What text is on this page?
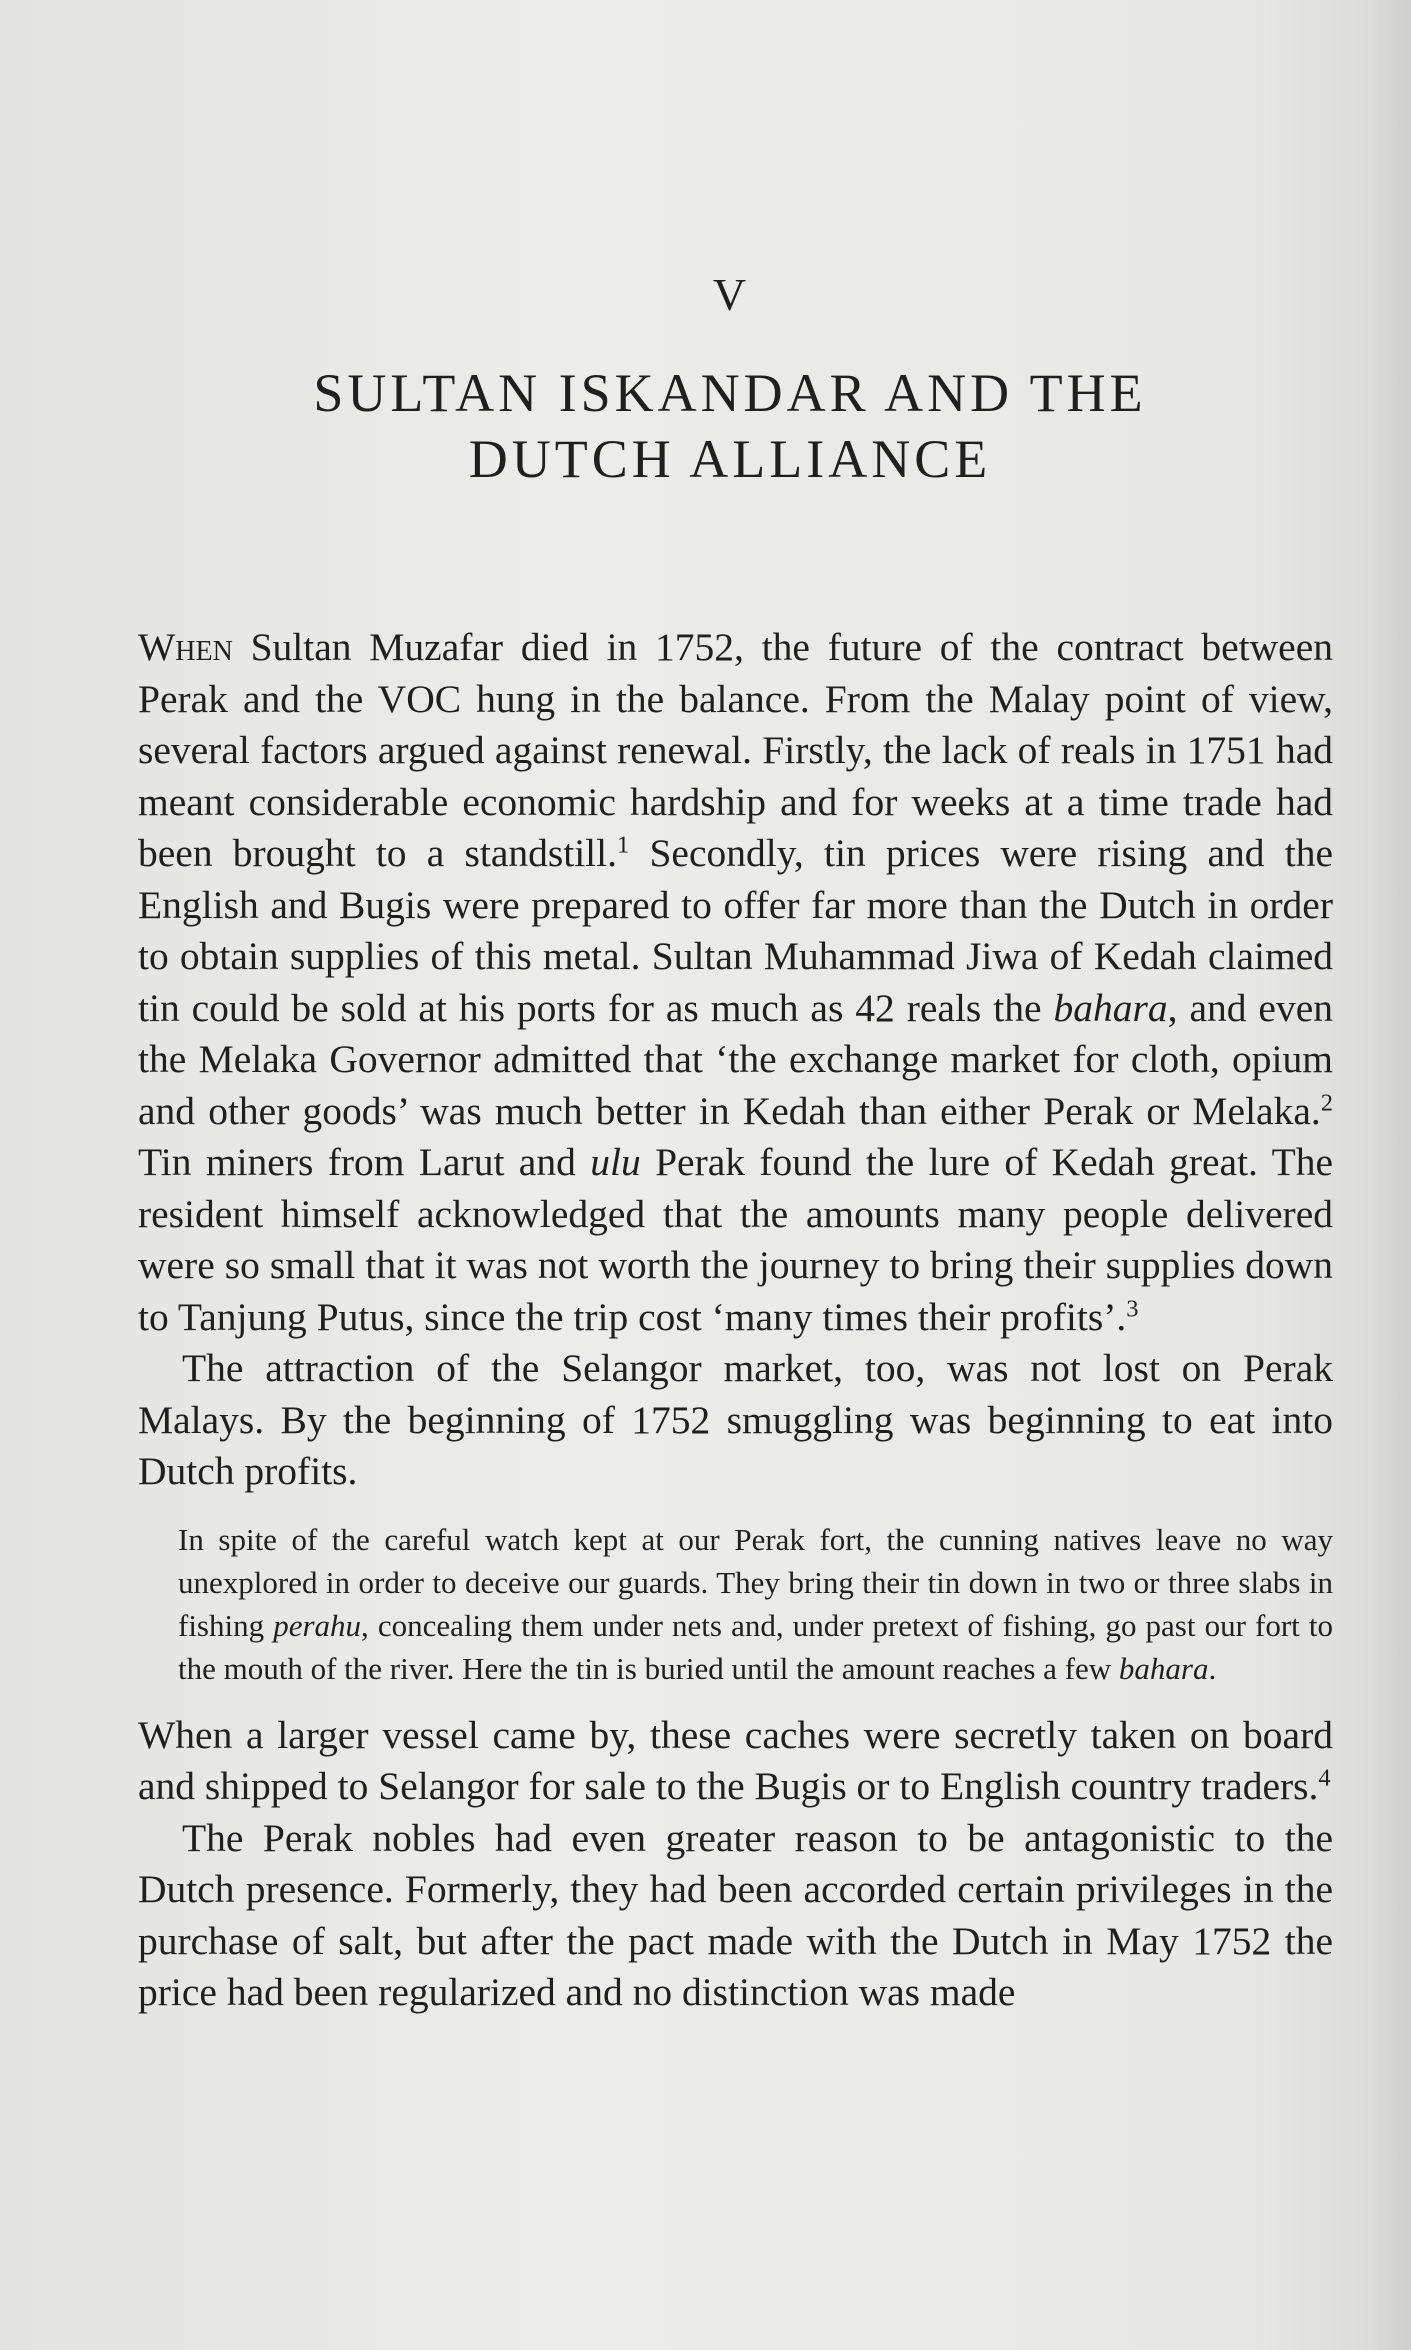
V
SULTAN ISKANDAR AND THE
DUTCH ALLIANCE

When Sultan Muzafar died in 1752, the future of the contract between Perak and the VOC hung in the balance. From the Malay point of view, several factors argued against renewal. Firstly, the lack of reals in 1751 had meant considerable economic hardship and for weeks at a time trade had been brought to a standstill.$^1$ Secondly, tin prices were rising and the English and Bugis were prepared to offer far more than the Dutch in order to obtain supplies of this metal. Sultan Muhammad Jiwa of Kedah claimed tin could be sold at his ports for as much as 42 reals the bahara, and even the Melaka Governor admitted that ‘the exchange market for cloth, opium and other goods’ was much better in Kedah than either Perak or Melaka.$^2$ Tin miners from Larut and ulu Perak found the lure of Kedah great. The resident himself acknowledged that the amounts many people delivered were so small that it was not worth the journey to bring their supplies down to Tanjung Putus, since the trip cost ‘many times their profits’.$^3$

The attraction of the Selangor market, too, was not lost on Perak Malays. By the beginning of 1752 smuggling was beginning to eat into Dutch profits.

In spite of the careful watch kept at our Perak fort, the cunning natives leave no way unexplored in order to deceive our guards. They bring their tin down in two or three slabs in fishing perahu, concealing them under nets and, under pretext of fishing, go past our fort to the mouth of the river. Here the tin is buried until the amount reaches a few bahara.

When a larger vessel came by, these caches were secretly taken on board and shipped to Selangor for sale to the Bugis or to English country traders.$^4$

The Perak nobles had even greater reason to be antagonistic to the Dutch presence. Formerly, they had been accorded certain privileges in the purchase of salt, but after the pact made with the Dutch in May 1752 the price had been regularized and no distinction was made
